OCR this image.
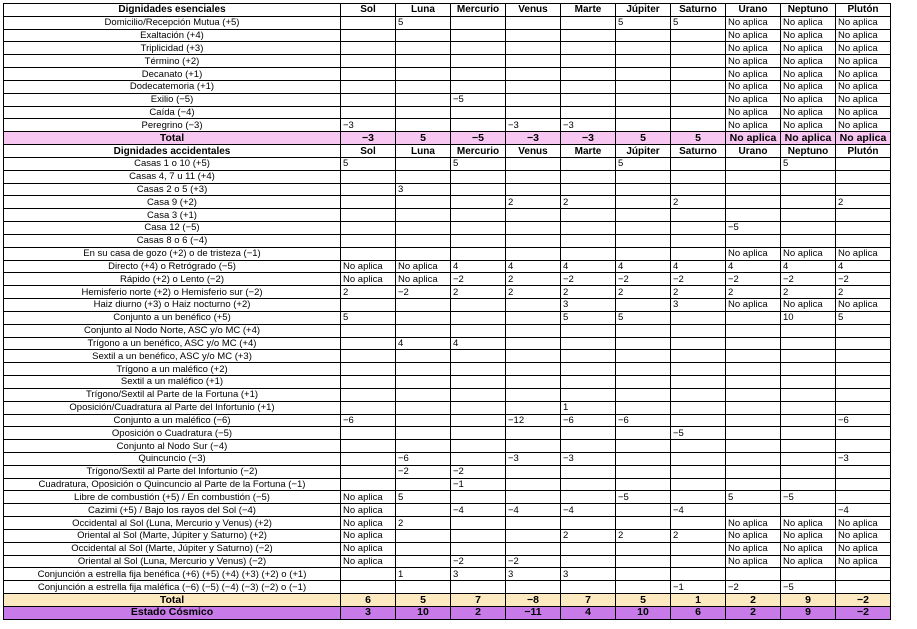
Dignidades esenciales	Sol	Luna	Mercurio	Venus	Marte	Júpiter	Saturno	Urano	Neptuno	Plutón
Domicilio/Recepción Mutua (+5)		5				5	5	No aplica	No aplica	No aplica
Exaltación (+4)								No aplica	No aplica	No aplica
Triplicidad (+3)								No aplica	No aplica	No aplica
Término (+2)								No aplica	No aplica	No aplica
Decanato (+1)								No aplica	No aplica	No aplica
Dodecatemoria (+1)								No aplica	No aplica	No aplica
Exilio (−5)			−5					No aplica	No aplica	No aplica
Caída (−4)								No aplica	No aplica	No aplica
Peregrino (−3)	−3			−3	−3			No aplica	No aplica	No aplica
Total	−3	5	−5	−3	−3	5	5	No aplica	No aplica	No aplica
Dignidades accidentales	Sol	Luna	Mercurio	Venus	Marte	Júpiter	Saturno	Urano	Neptuno	Plutón
Casas 1 o 10 (+5)	5		5			5			5	
Casas 4, 7 u 11 (+4)										
Casas 2 o 5 (+3)		3								
Casa 9 (+2)				2	2		2			2
Casa 3 (+1)										
Casa 12 (−5)								−5		
Casas 8 o 6 (−4)										
En su casa de gozo (+2) o de tristeza (−1)								No aplica	No aplica	No aplica
Directo (+4) o Retrógrado (−5)	No aplica	No aplica	4	4	4	4	4	4	4	4
Rápido (+2) o Lento (−2)	No aplica	No aplica	−2	2	−2	−2	−2	−2	−2	−2
Hemisferio norte (+2) o Hemisferio sur (−2)	2	−2	2	2	2	2	2	2	2	2
Haiz diurno (+3) o Haiz nocturno (+2)					3		3	No aplica	No aplica	No aplica
Conjunto a un benéfico (+5)	5				5	5			10	5
Conjunto al Nodo Norte, ASC y/o MC (+4)										
Trígono a un benéfico, ASC y/o MC (+4)		4	4							
Sextil a un benéfico, ASC y/o MC (+3)										
Trígono a un maléfico (+2)										
Sextil a un maléfico (+1)										
Trígono/Sextil al Parte de la Fortuna (+1)										
Oposición/Cuadratura al Parte del Infortunio (+1)					1					
Conjunto a un maléfico (−6)	−6			−12	−6	−6				−6
Oposición o Cuadratura (−5)							−5			
Conjunto al Nodo Sur (−4)										
Quincuncio (−3)		−6		−3	−3					−3
Trígono/Sextil al Parte del Infortunio (−2)		−2	−2							
Cuadratura, Oposición o Quincuncio al Parte de la Fortuna (−1)			−1							
Libre de combustión (+5) / En combustión (−5)	No aplica	5				−5		5	−5	
Cazimi (+5) / Bajo los rayos del Sol (−4)	No aplica		−4	−4	−4		−4			−4
Occidental al Sol (Luna, Mercurio y Venus) (+2)	No aplica	2						No aplica	No aplica	No aplica
Oriental al Sol (Marte, Júpiter y Saturno) (+2)	No aplica				2	2	2	No aplica	No aplica	No aplica
Occidental al Sol (Marte, Júpiter y Saturno) (−2)	No aplica							No aplica	No aplica	No aplica
Oriental al Sol (Luna, Mercurio y Venus) (−2)	No aplica		−2	−2				No aplica	No aplica	No aplica
Conjunción a estrella fija benéfica (+6) (+5) (+4) (+3) (+2) o (+1)		1	3	3	3					
Conjunción a estrella fija maléfica (−6) (−5) (−4) (−3) (−2) o (−1)							−1	−2	−5	
Total	6	5	7	−8	7	5	1	2	9	−2
Estado Cósmico	3	10	2	−11	4	10	6	2	9	−2
